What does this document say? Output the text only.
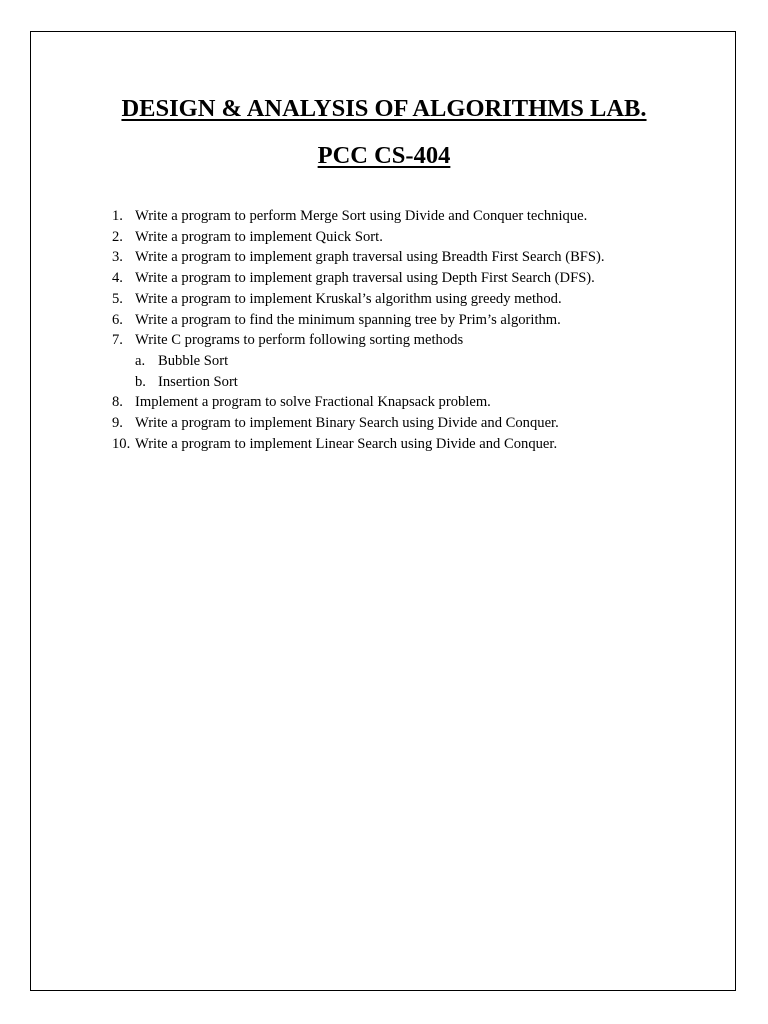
DESIGN & ANALYSIS OF ALGORITHMS LAB.
PCC CS-404
1. Write a program to perform Merge Sort using Divide and Conquer technique.
2. Write a program to implement Quick Sort.
3. Write a program to implement graph traversal using Breadth First Search (BFS).
4. Write a program to implement graph traversal using Depth First Search (DFS).
5. Write a program to implement Kruskal’s algorithm using greedy method.
6. Write a program to find the minimum spanning tree by Prim’s algorithm.
7. Write C programs to perform following sorting methods
a. Bubble Sort
b. Insertion Sort
8. Implement a program to solve Fractional Knapsack problem.
9. Write a program to implement Binary Search using Divide and Conquer.
10. Write a program to implement Linear Search using Divide and Conquer.
